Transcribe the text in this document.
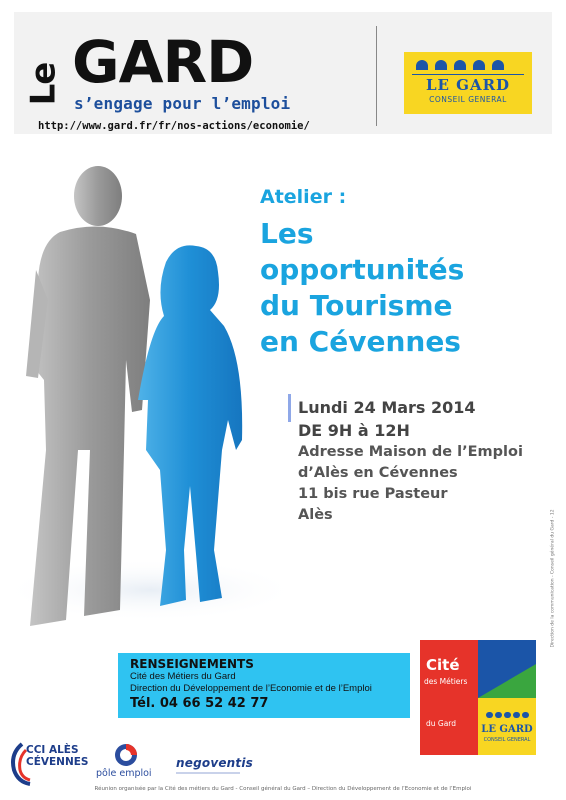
Le GARD
s’engage pour l’emploi
http://www.gard.fr/fr/nos-actions/economie/
LE GARD
CONSEIL GENERAL
Atelier :
Les
opportunités
du Tourisme
en Cévennes
Lundi 24 Mars 2014
DE 9H à 12H
Adresse Maison de l’Emploi
d’Alès en Cévennes
11 bis rue Pasteur
Alès	Direction de la communication - Conseil général du Gard - 12
RENSEIGNEMENTS
Cité des Métiers du Gard
Direction du Développement de l’Economie et de l’Emploi
Tél. 04 66 52 42 77
Cité
des Métiers
du Gard
LE GARD
CONSEIL GENERAL
CCI ALÈS
CÉVENNES
pôle emploi
negoventis
Réunion organisée par la Cité des métiers du Gard - Conseil général du Gard – Direction du Développement de l’Economie et de l’Emploi
